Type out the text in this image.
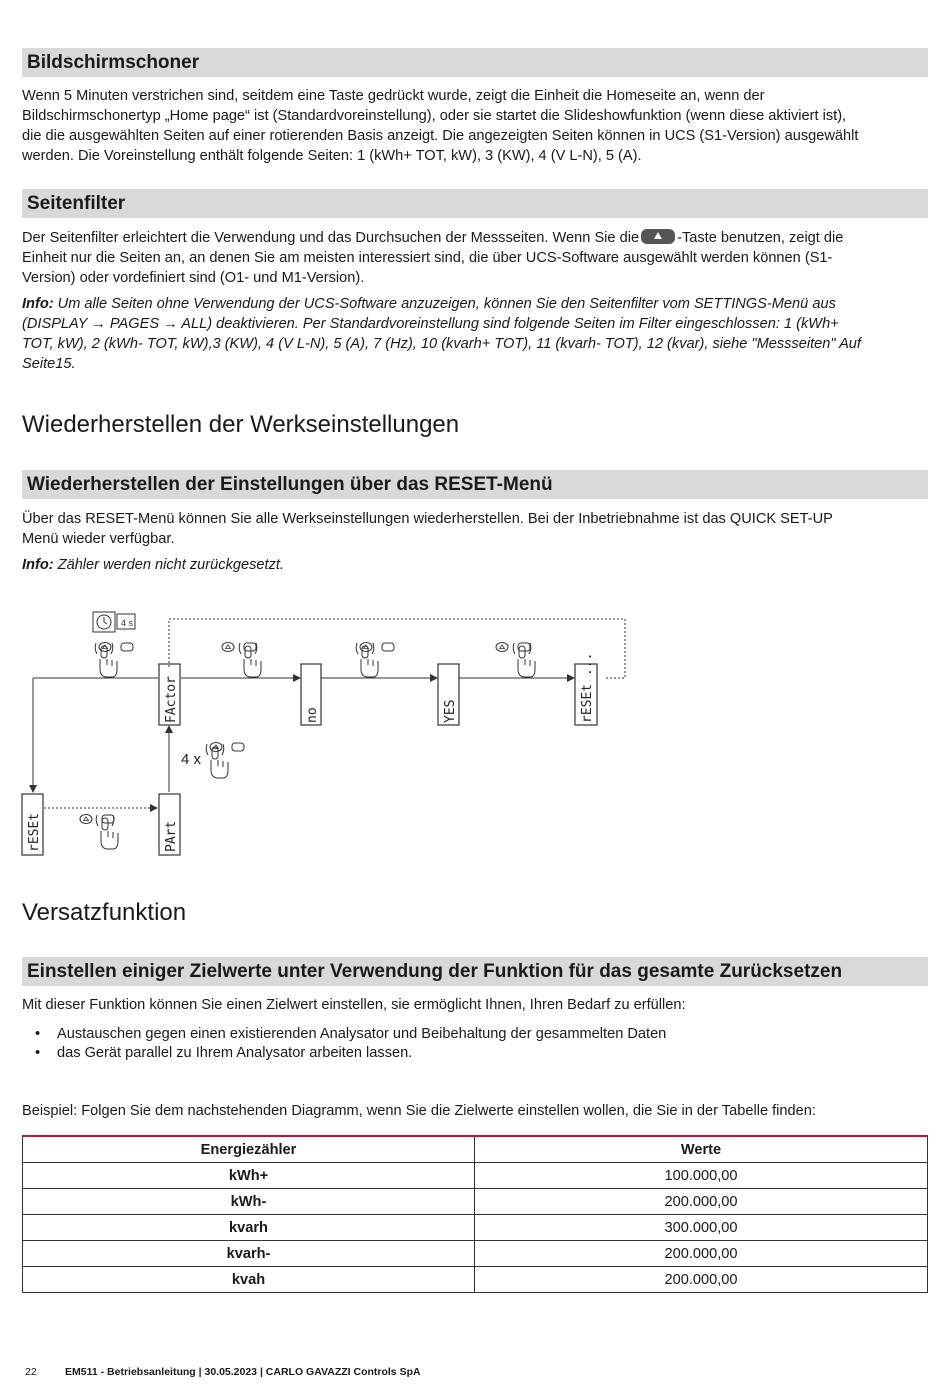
Bildschirmschoner
Wenn 5 Minuten verstrichen sind, seitdem eine Taste gedrückt wurde, zeigt die Einheit die Homeseite an, wenn der
Bildschirmschonertyp „Home page“ ist (Standardvoreinstellung), oder sie startet die Slideshowfunktion (wenn diese aktiviert ist),
die die ausgewählten Seiten auf einer rotierenden Basis anzeigt. Die angezeigten Seiten können in UCS (S1-Version) ausgewählt
werden. Die Voreinstellung enthält folgende Seiten: 1 (kWh+ TOT, kW), 3 (KW), 4 (V L-N), 5 (A).
Seitenfilter
Der Seitenfilter erleichtert die Verwendung und das Durchsuchen der Messseiten. Wenn Sie die	-Taste benutzen, zeigt die
Einheit nur die Seiten an, an denen Sie am meisten interessiert sind, die über UCS-Software ausgewählt werden können (S1-
Version) oder vordefiniert sind (O1- und M1-Version).
Info: Um alle Seiten ohne Verwendung der UCS-Software anzuzeigen, können Sie den Seitenfilter vom SETTINGS-Menü aus
(DISPLAY → PAGES → ALL) deaktivieren. Per Standardvoreinstellung sind folgende Seiten im Filter eingeschlossen: 1 (kWh+
TOT, kW), 2 (kWh- TOT, kW),3 (KW), 4 (V L-N), 5 (A), 7 (Hz), 10 (kvarh+ TOT), 11 (kvarh- TOT), 12 (kvar), siehe "Messseiten" Auf
Seite15.
Wiederherstellen der Werkseinstellungen
Wiederherstellen der Einstellungen über das RESET-Menü
Über das RESET-Menü können Sie alle Werkseinstellungen wiederherstellen. Bei der Inbetriebnahme ist das QUICK SET-UP
Menü wieder verfügbar.
Info: Zähler werden nicht zurückgesetzt.
4 s
FActor	no	YES	rESEt ...
rESEt	PArt
4 x
Versatzfunktion
Einstellen einiger Zielwerte unter Verwendung der Funktion für das gesamte Zurücksetzen
Mit dieser Funktion können Sie einen Zielwert einstellen, sie ermöglicht Ihnen, Ihren Bedarf zu erfüllen:
• Austauschen gegen einen existierenden Analysator und Beibehaltung der gesammelten Daten
• das Gerät parallel zu Ihrem Analysator arbeiten lassen.
Beispiel: Folgen Sie dem nachstehenden Diagramm, wenn Sie die Zielwerte einstellen wollen, die Sie in der Tabelle finden:
Energiezähler	Werte
kWh+	100.000,00
kWh-	200.000,00
kvarh	300.000,00
kvarh-	200.000,00
kvah	200.000,00
22	EM511 - Betriebsanleitung | 30.05.2023 | CARLO GAVAZZI Controls SpA
